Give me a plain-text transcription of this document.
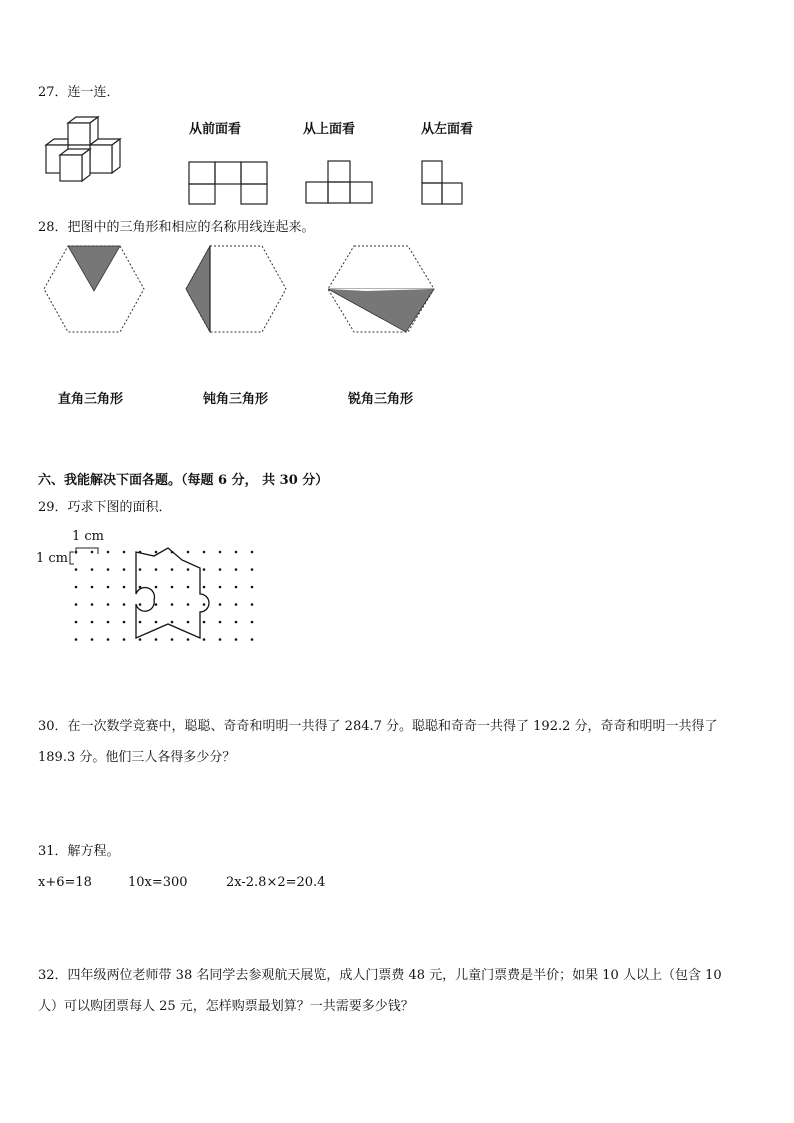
27．连一连．
从前面看	从上面看	从左面看
28．把图中的三角形和相应的名称用线连起来。
直角三角形	钝角三角形	锐角三角形
六、我能解决下面各题。（每题 6 分， 共 30 分）
29．巧求下图的面积．
1 cm
1 cm
30．在一次数学竞赛中，聪聪、奇奇和明明一共得了 284.7 分。聪聪和奇奇一共得了 192.2 分，奇奇和明明一共得了
189.3 分。他们三人各得多少分？
31．解方程。
x+6=18	10x=300	2x-2.8×2=20.4
32．四年级两位老师带 38 名同学去参观航天展览，成人门票费 48 元，儿童门票费是半价；如果 10 人以上（包含 10
人）可以购团票每人 25 元，怎样购票最划算？一共需要多少钱？
